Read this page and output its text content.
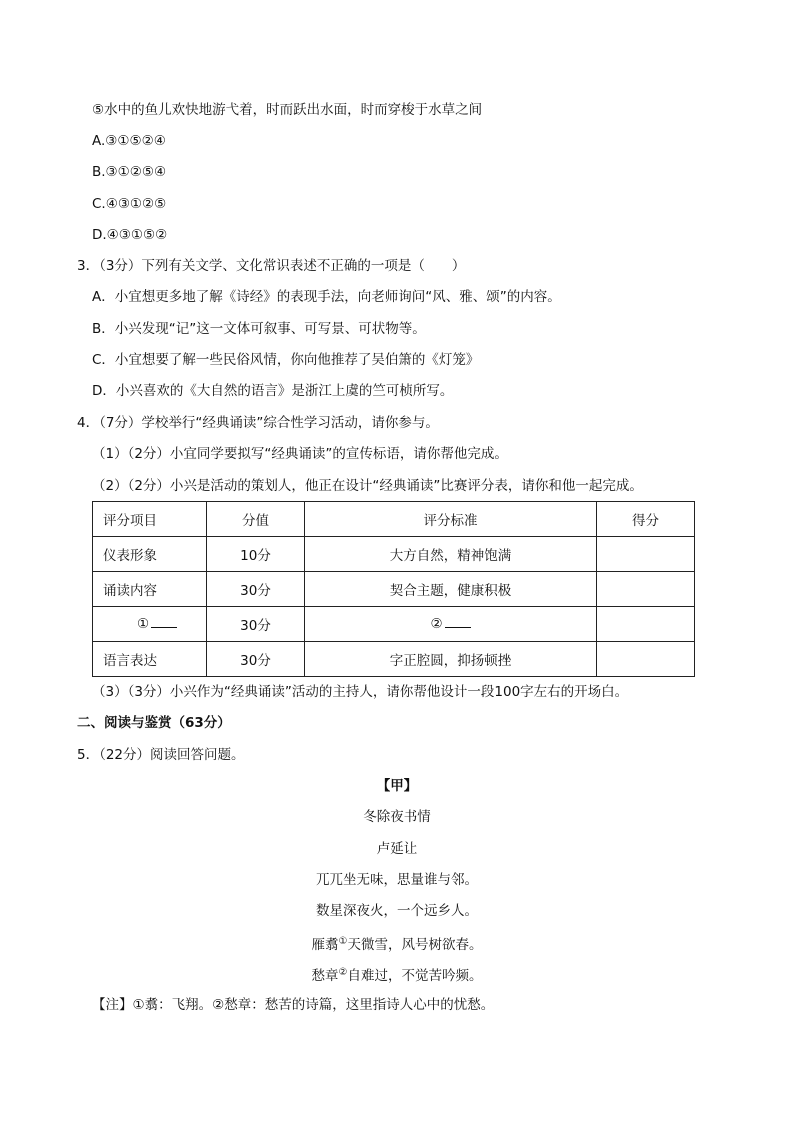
⑤水中的鱼儿欢快地游弋着，时而跃出水面，时而穿梭于水草之间
A.③①⑤②④
B.③①②⑤④
C.④③①②⑤
D.④③①⑤②
3．（3分）下列有关文学、文化常识表述不正确的一项是（　　）
A．小宜想更多地了解《诗经》的表现手法，向老师询问“风、雅、颂”的内容。
B．小兴发现“记”这一文体可叙事、可写景、可状物等。
C．小宜想要了解一些民俗风情，你向他推荐了吴伯箫的《灯笼》
D．小兴喜欢的《大自然的语言》是浙江上虞的竺可桢所写。
4．（7分）学校举行“经典诵读”综合性学习活动，请你参与。
（1）（2分）小宜同学要拟写“经典诵读”的宣传标语，请你帮他完成。
（2）（2分）小兴是活动的策划人，他正在设计“经典诵读”比赛评分表，请你和他一起完成。
评分项目	分值	评分标准	得分
仪表形象	10分	大方自然，精神饱满	
诵读内容	30分	契合主题，健康积极	
①	30分	②	
语言表达	30分	字正腔圆，抑扬顿挫	
（3）（3分）小兴作为“经典诵读”活动的主持人，请你帮他设计一段100字左右的开场白。
二、阅读与鉴赏（63分）
5．（22分）阅读回答问题。
【甲】
冬除夜书情
卢延让
兀兀坐无味，思量谁与邻。
数星深夜火，一个远乡人。
雁翥①天微雪，风号树欲春。
愁章②自难过，不觉苦吟频。
【注】①翥：飞翔。②愁章：愁苦的诗篇，这里指诗人心中的忧愁。
